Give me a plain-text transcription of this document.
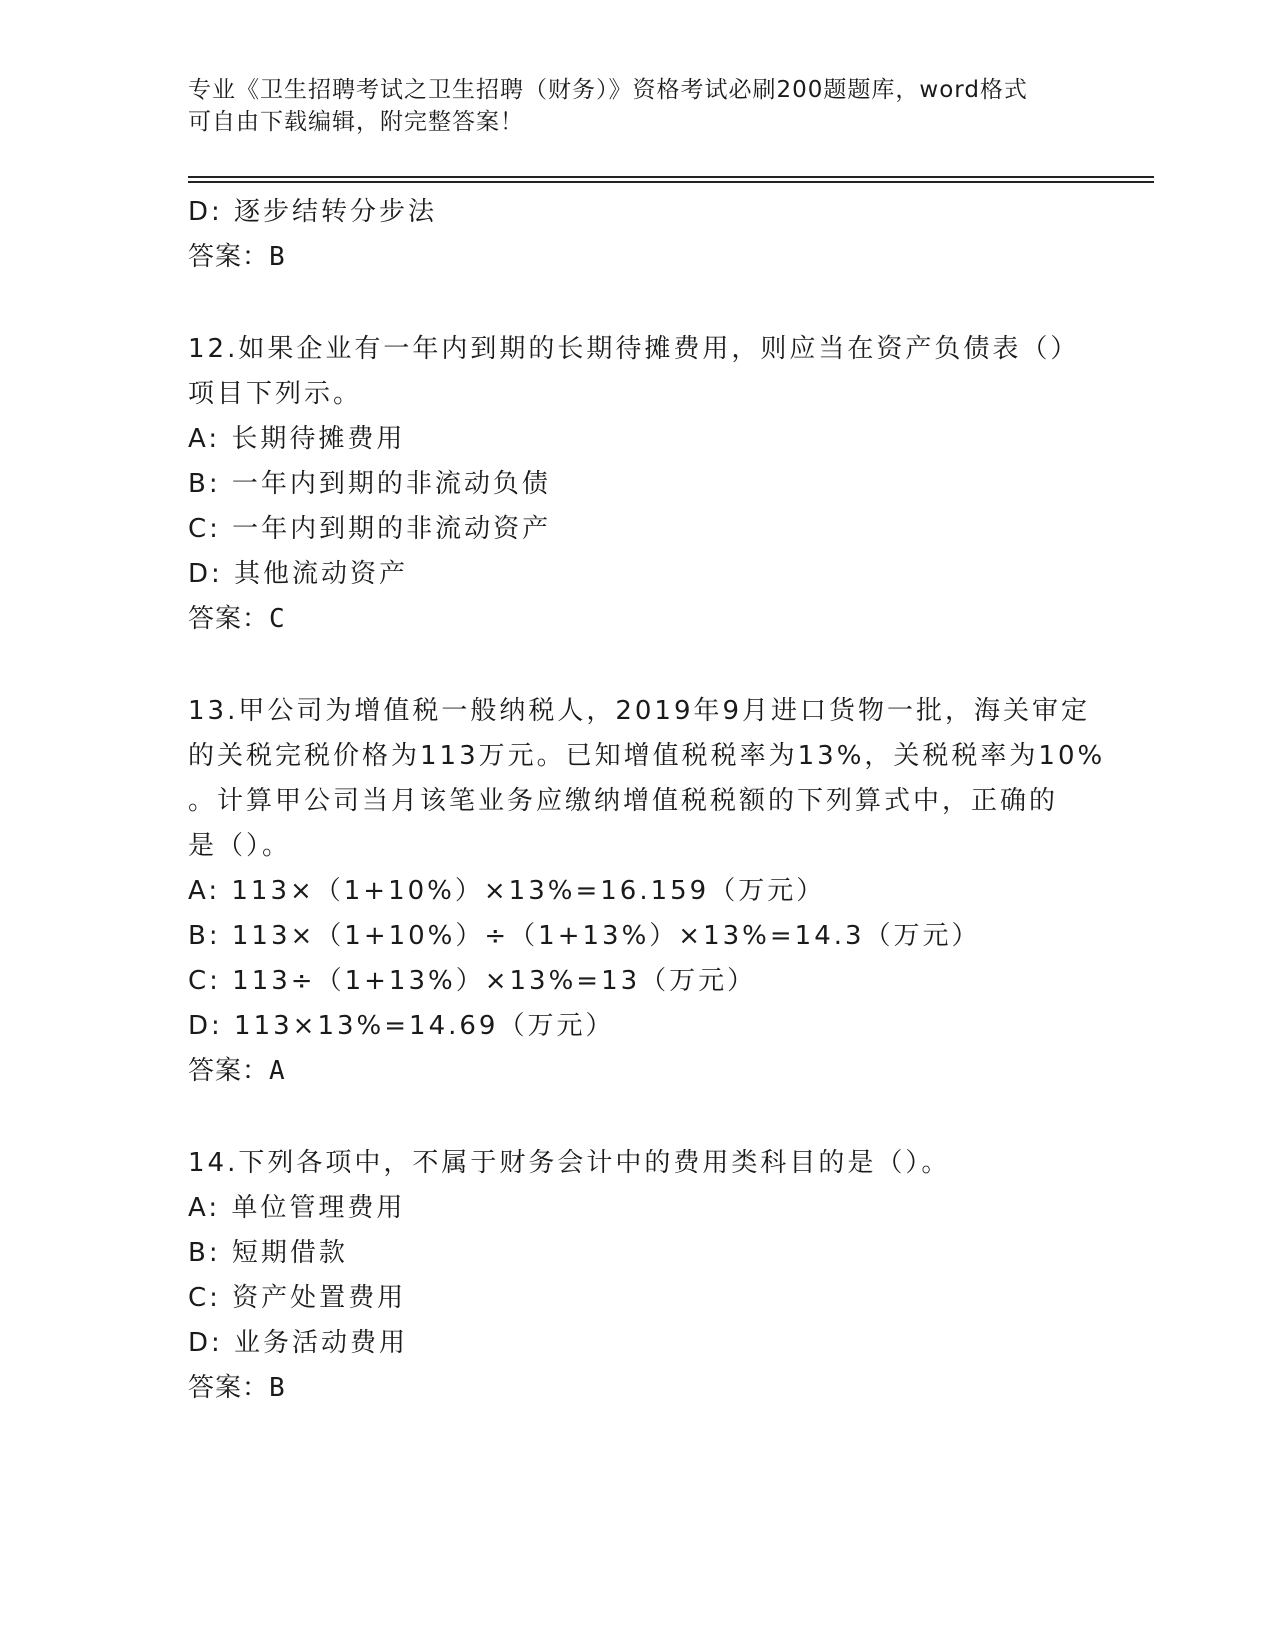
专业《卫生招聘考试之卫生招聘（财务）》资格考试必刷200题题库，word格式
可自由下载编辑，附完整答案！
D: 逐步结转分步法
答案：B
12.如果企业有一年内到期的长期待摊费用，则应当在资产负债表（）
项目下列示。
A: 长期待摊费用
B: 一年内到期的非流动负债
C: 一年内到期的非流动资产
D: 其他流动资产
答案：C
13.甲公司为增值税一般纳税人，2019年9月进口货物一批，海关审定
的关税完税价格为113万元。已知增值税税率为13%，关税税率为10%
。计算甲公司当月该笔业务应缴纳增值税税额的下列算式中，正确的
是（）。
A: 113×（1+10%）×13%=16.159（万元）
B: 113×（1+10%）÷（1+13%）×13%=14.3（万元）
C: 113÷（1+13%）×13%=13（万元）
D: 113×13%=14.69（万元）
答案：A
14.下列各项中，不属于财务会计中的费用类科目的是（）。
A: 单位管理费用
B: 短期借款
C: 资产处置费用
D: 业务活动费用
答案：B
